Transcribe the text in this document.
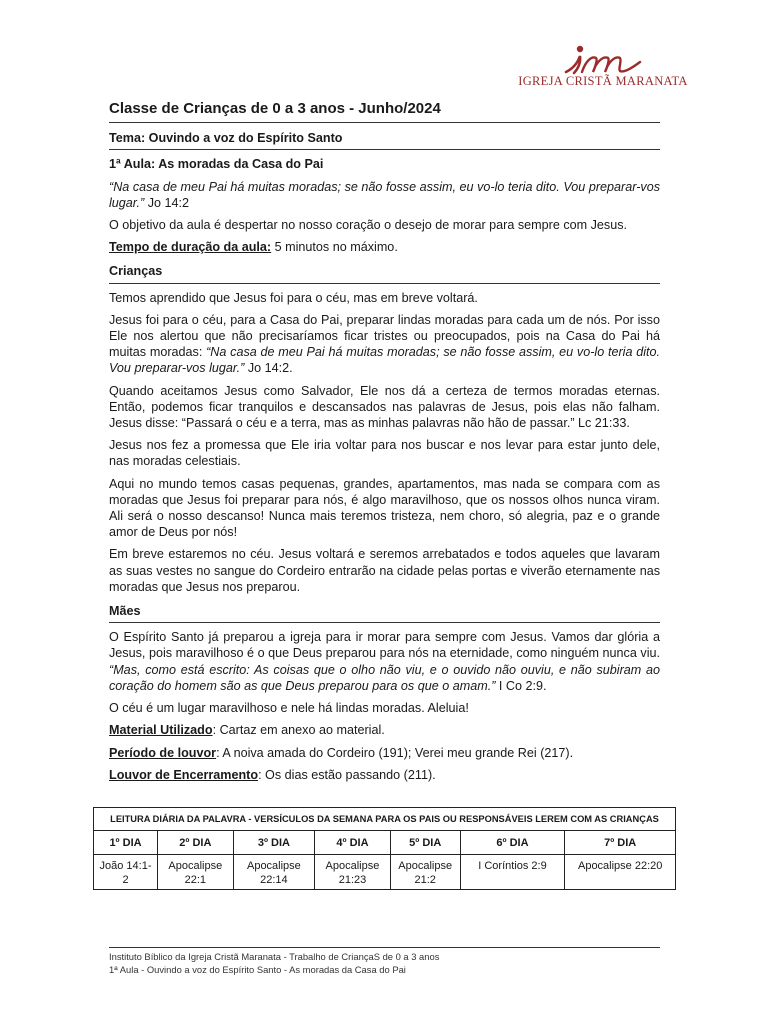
IGREJA CRISTÃ MARANATA
Classe de Crianças de 0 a 3 anos - Junho/2024
Tema: Ouvindo a voz do Espírito Santo
1ª Aula: As moradas da Casa do Pai

“Na casa de meu Pai há muitas moradas; se não fosse assim, eu vo-lo teria dito. Vou preparar-vos lugar.” Jo 14:2

O objetivo da aula é despertar no nosso coração o desejo de morar para sempre com Jesus.

Tempo de duração da aula: 5 minutos no máximo.

Crianças

Temos aprendido que Jesus foi para o céu, mas em breve voltará.

Jesus foi para o céu, para a Casa do Pai, preparar lindas moradas para cada um de nós. Por isso Ele nos alertou que não precisaríamos ficar tristes ou preocupados, pois na Casa do Pai há muitas moradas: “Na casa de meu Pai há muitas moradas; se não fosse assim, eu vo-lo teria dito. Vou preparar-vos lugar.” Jo 14:2.

Quando aceitamos Jesus como Salvador, Ele nos dá a certeza de termos moradas eternas. Então, podemos ficar tranquilos e descansados nas palavras de Jesus, pois elas não falham. Jesus disse: “Passará o céu e a terra, mas as minhas palavras não hão de passar.” Lc 21:33.

Jesus nos fez a promessa que Ele iria voltar para nos buscar e nos levar para estar junto dele, nas moradas celestiais.

Aqui no mundo temos casas pequenas, grandes, apartamentos, mas nada se compara com as moradas que Jesus foi preparar para nós, é algo maravilhoso, que os nossos olhos nunca viram. Ali será o nosso descanso! Nunca mais teremos tristeza, nem choro, só alegria, paz e o grande amor de Deus por nós!

Em breve estaremos no céu. Jesus voltará e seremos arrebatados e todos aqueles que lavaram as suas vestes no sangue do Cordeiro entrarão na cidade pelas portas e viverão eternamente nas moradas que Jesus nos preparou.

Mães

O Espírito Santo já preparou a igreja para ir morar para sempre com Jesus. Vamos dar glória a Jesus, pois maravilhoso é o que Deus preparou para nós na eternidade, como ninguém nunca viu. “Mas, como está escrito: As coisas que o olho não viu, e o ouvido não ouviu, e não subiram ao coração do homem são as que Deus preparou para os que o amam.” I Co 2:9.

O céu é um lugar maravilhoso e nele há lindas moradas. Aleluia!

Material Utilizado: Cartaz em anexo ao material.

Período de louvor: A noiva amada do Cordeiro (191); Verei meu grande Rei (217).

Louvor de Encerramento: Os dias estão passando (211).

LEITURA DIÁRIA DA PALAVRA - VERSÍCULOS DA SEMANA PARA OS PAIS OU RESPONSÁVEIS LEREM COM AS CRIANÇAS						
1º DIA	2º DIA	3º DIA	4º DIA	5º DIA	6º DIA	7º DIA
João 14:1-2	Apocalipse 22:1	Apocalipse 22:14	Apocalipse 21:23	Apocalipse 21:2	I Coríntios 2:9	Apocalipse 22:20
Instituto Bíblico da Igreja Cristã Maranata - Trabalho de CriançaS de 0 a 3 anos
1ª Aula - Ouvindo a voz do Espírito Santo - As moradas da Casa do Pai
